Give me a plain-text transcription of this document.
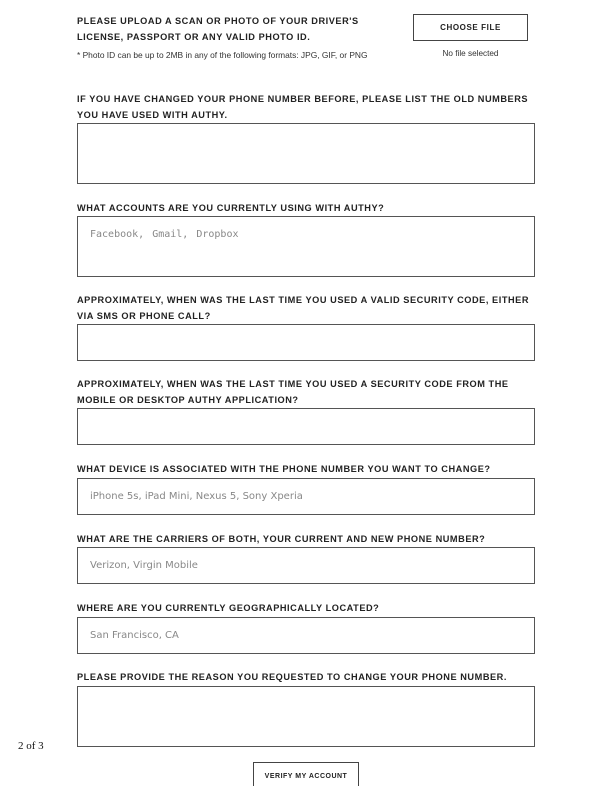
PLEASE UPLOAD A SCAN OR PHOTO OF YOUR DRIVER'S LICENSE, PASSPORT OR ANY VALID PHOTO ID.
* Photo ID can be up to 2MB in any of the following formats: JPG, GIF, or PNG
CHOOSE FILE
No file selected
IF YOU HAVE CHANGED YOUR PHONE NUMBER BEFORE, PLEASE LIST THE OLD NUMBERS YOU HAVE USED WITH AUTHY.
WHAT ACCOUNTS ARE YOU CURRENTLY USING WITH AUTHY?
Facebook, Gmail, Dropbox
APPROXIMATELY, WHEN WAS THE LAST TIME YOU USED A VALID SECURITY CODE, EITHER VIA SMS OR PHONE CALL?
APPROXIMATELY, WHEN WAS THE LAST TIME YOU USED A SECURITY CODE FROM THE MOBILE OR DESKTOP AUTHY APPLICATION?
WHAT DEVICE IS ASSOCIATED WITH THE PHONE NUMBER YOU WANT TO CHANGE?
iPhone 5s, iPad Mini, Nexus 5, Sony Xperia
WHAT ARE THE CARRIERS OF BOTH, YOUR CURRENT AND NEW PHONE NUMBER?
Verizon, Virgin Mobile
WHERE ARE YOU CURRENTLY GEOGRAPHICALLY LOCATED?
San Francisco, CA
PLEASE PROVIDE THE REASON YOU REQUESTED TO CHANGE YOUR PHONE NUMBER.
2 of 3
VERIFY MY ACCOUNT
